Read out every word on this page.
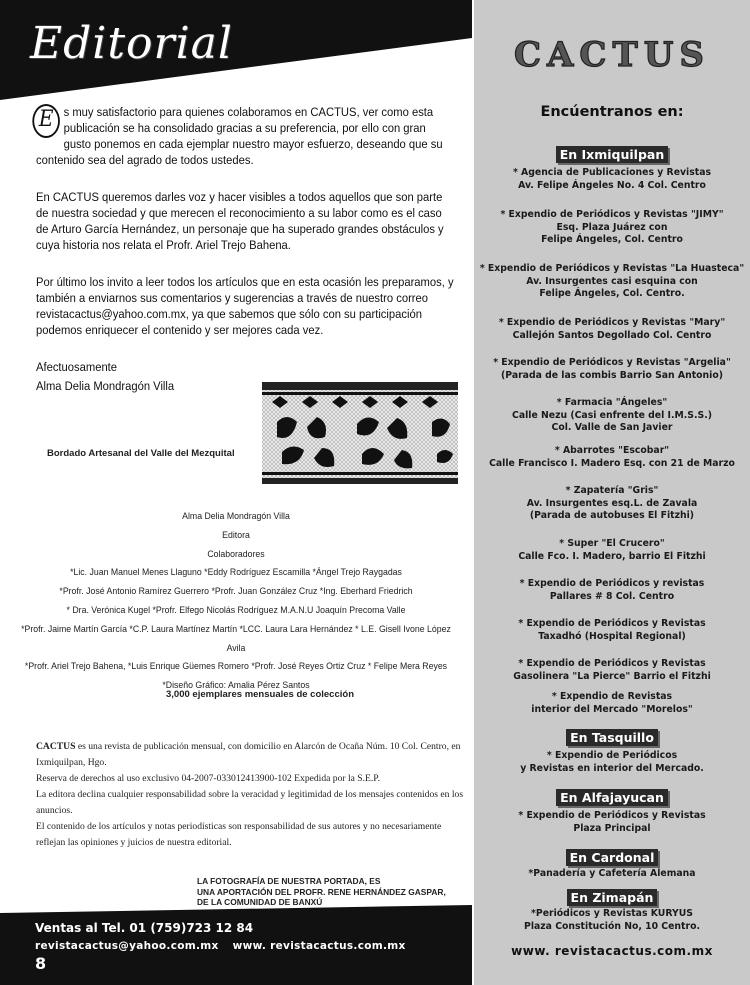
Editorial
E s muy satisfactorio para quienes colaboramos en CACTUS, ver como esta publicación se ha consolidado gracias a su preferencia, por ello con gran gusto ponemos en cada ejemplar nuestro mayor esfuerzo, deseando que su contenido sea del agrado de todos ustedes.
En CACTUS queremos darles voz y hacer visibles a todos aquellos que son parte de nuestra sociedad y que merecen el reconocimiento a su labor como es el caso de Arturo García Hernández, un personaje que ha superado grandes obstáculos y cuya historia nos relata el Profr. Ariel Trejo Bahena.
Por último los invito a leer todos los artículos que en esta ocasión les preparamos, y también a enviarnos sus comentarios y sugerencias a través de nuestro correo revistacactus@yahoo.com.mx, ya que sabemos que sólo con su participación podemos enriquecer el contenido y ser mejores cada vez.
Afectuosamente
Alma Delia Mondragón Villa
Bordado Artesanal del Valle del Mezquital
Alma Delia Mondragón Villa
Editora
Colaboradores
*Lic. Juan Manuel Menes Llaguno *Eddy Rodríguez Escamilla *Ángel Trejo Raygadas
*Profr. José Antonio Ramírez Guerrero *Profr. Juan González Cruz *Ing. Eberhard Friedrich
* Dra. Verónica Kugel *Profr. Elfego Nicolás Rodríguez M.A.N.U Joaquín Precoma Valle
*Profr. Jaime Martín García *C.P. Laura Martínez Martín *LCC. Laura Lara Hernández * L.E. Gisell Ivone López Avila
*Profr. Ariel Trejo Bahena, *Luis Enrique Güemes Romero *Profr. José Reyes Ortiz Cruz * Felipe Mera Reyes
*Diseño Gráfico: Amalia Pérez Santos
3,000 ejemplares mensuales de colección
CACTUS es una revista de publicación mensual, con domicilio en Alarcón de Ocaña Núm. 10 Col. Centro, en Ixmiquilpan, Hgo.
Reserva de derechos al uso exclusivo 04-2007-033012413900-102 Expedida por la S.E.P.
La editora declina cualquier responsabilidad sobre la veracidad y legitimidad de los mensajes contenidos en los anuncios.
El contenido de los artículos y notas periodísticas son responsabilidad de sus autores y no necesariamente reflejan las opiniones y juicios de nuestra editorial.
LA FOTOGRAFÍA DE NUESTRA PORTADA, ES
UNA APORTACIÓN DEL PROFR. RENE HERNÁNDEZ GASPAR,
DE LA COMUNIDAD DE BANXÚ
Ventas al Tel. 01 (759)723 12 84
revistacactus@yahoo.com.mx www. revistacactus.com.mx
8
CACTUS
Encúentranos en:
En Ixmiquilpan
* Agencia de Publicaciones y Revistas
Av. Felipe Ángeles No. 4 Col. Centro
* Expendio de Periódicos y Revistas "JIMY"
Esq. Plaza Juárez con
Felipe Ángeles, Col. Centro
* Expendio de Periódicos y Revistas "La Huasteca"
Av. Insurgentes casi esquina con
Felipe Ángeles, Col. Centro.
* Expendio de Periódicos y Revistas "Mary"
Callejón Santos Degollado Col. Centro
* Expendio de Periódicos y Revistas "Argelia"
(Parada de las combis Barrio San Antonio)
* Farmacia "Ángeles"
Calle Nezu (Casi enfrente del I.M.S.S.)
Col. Valle de San Javier
* Abarrotes "Escobar"
Calle Francisco I. Madero Esq. con 21 de Marzo
* Zapatería "Gris"
Av. Insurgentes esq.L. de Zavala
(Parada de autobuses El Fitzhi)
* Super "El Crucero"
Calle Fco. I. Madero, barrio El Fitzhi
* Expendio de Periódicos y revistas
Pallares # 8 Col. Centro
* Expendio de Periódicos y Revistas
Taxadhó (Hospital Regional)
* Expendio de Periódicos y Revistas
Gasolinera "La Pierce" Barrio el Fitzhi
* Expendio de Revistas
interior del Mercado "Morelos"
En Tasquillo
* Expendio de Periódicos
y Revistas en interior del Mercado.
En Alfajayucan
* Expendio de Periódicos y Revistas
Plaza Principal
En Cardonal
*Panadería y Cafetería Alemana
En Zimapán
*Periódicos y Revistas KURYUS
Plaza Constitución No, 10 Centro.
www. revistacactus.com.mx
